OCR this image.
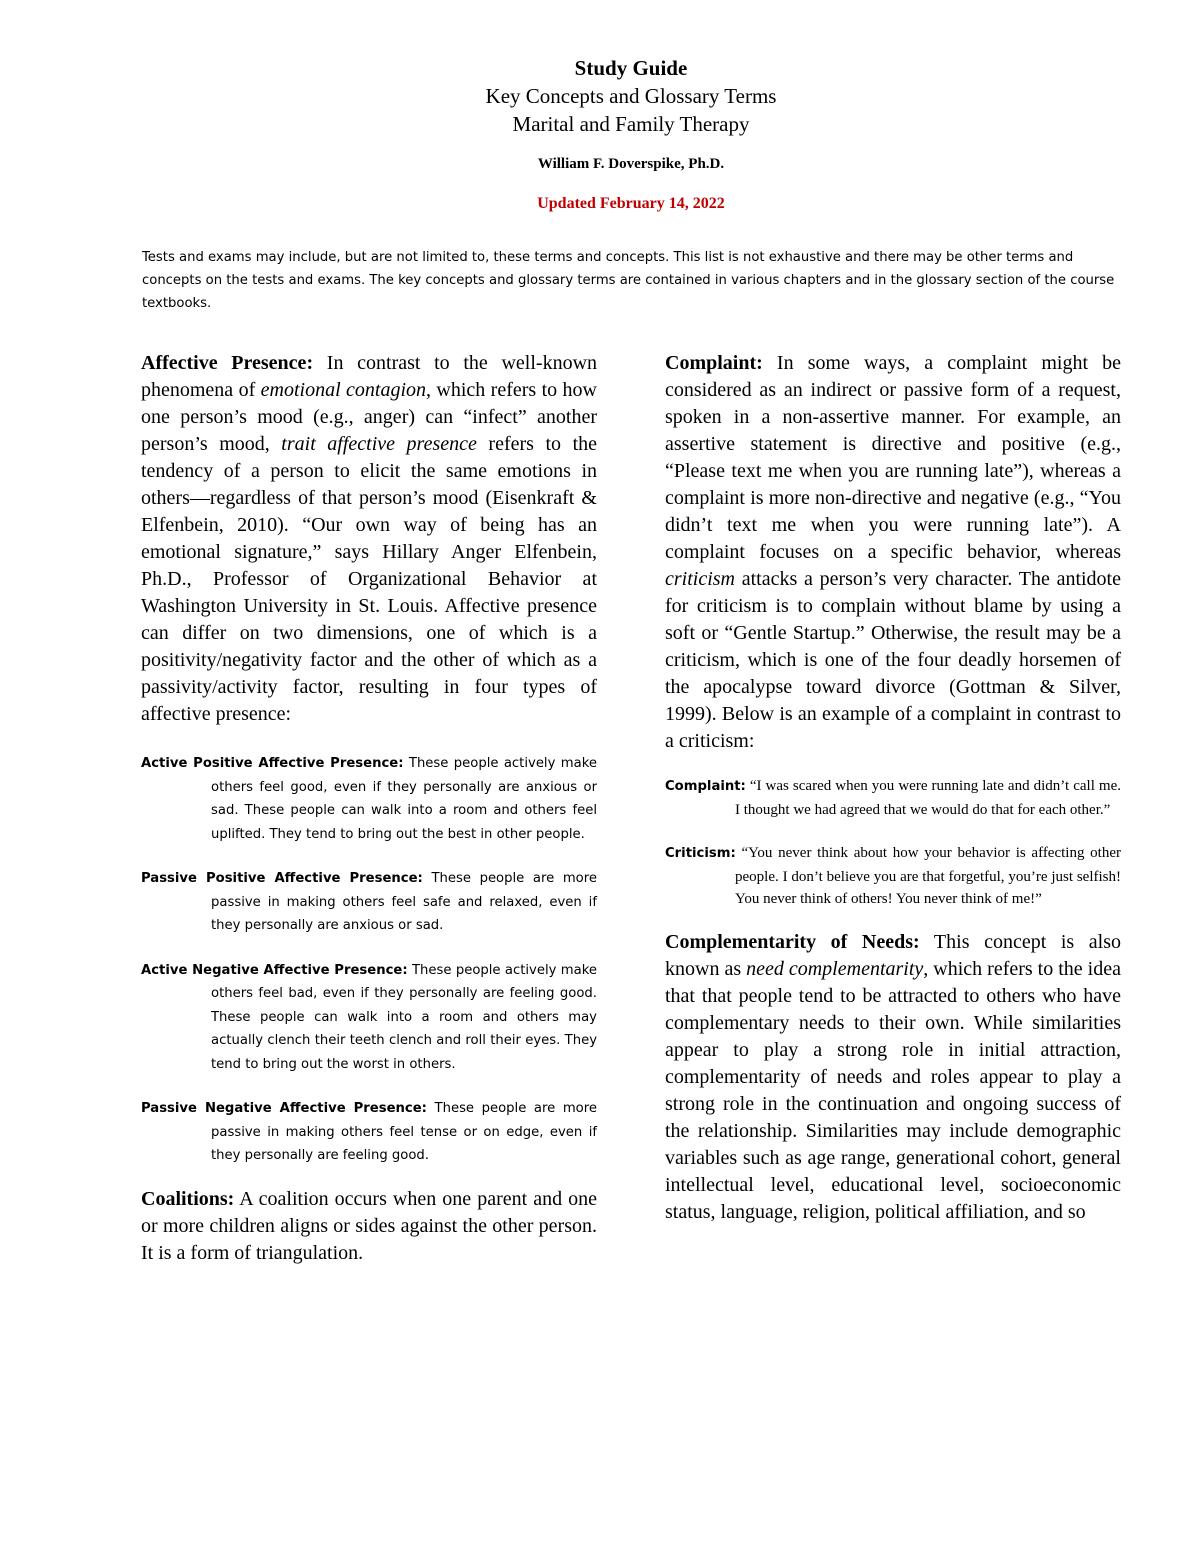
Study Guide
Key Concepts and Glossary Terms
Marital and Family Therapy
William F. Doverspike, Ph.D.
Updated February 14, 2022
Tests and exams may include, but are not limited to, these terms and concepts. This list is not exhaustive and there may be other terms and concepts on the tests and exams. The key concepts and glossary terms are contained in various chapters and in the glossary section of the course textbooks.

Affective Presence: In contrast to the well-known phenomena of emotional contagion, which refers to how one person’s mood (e.g., anger) can “infect” another person’s mood, trait affective presence refers to the tendency of a person to elicit the same emotions in others—regardless of that person’s mood (Eisenkraft & Elfenbein, 2010). “Our own way of being has an emotional signature,” says Hillary Anger Elfenbein, Ph.D., Professor of Organizational Behavior at Washington University in St. Louis. Affective presence can differ on two dimensions, one of which is a positivity/negativity factor and the other of which as a passivity/activity factor, resulting in four types of affective presence:

Active Positive Affective Presence: These people actively make others feel good, even if they personally are anxious or sad. These people can walk into a room and others feel uplifted. They tend to bring out the best in other people.

Passive Positive Affective Presence: These people are more passive in making others feel safe and relaxed, even if they personally are anxious or sad.

Active Negative Affective Presence: These people actively make others feel bad, even if they personally are feeling good. These people can walk into a room and others may actually clench their teeth clench and roll their eyes. They tend to bring out the worst in others.

Passive Negative Affective Presence: These people are more passive in making others feel tense or on edge, even if they personally are feeling good.

Coalitions: A coalition occurs when one parent and one or more children aligns or sides against the other person. It is a form of triangulation.

Complaint: In some ways, a complaint might be considered as an indirect or passive form of a request, spoken in a non-assertive manner. For example, an assertive statement is directive and positive (e.g., “Please text me when you are running late”), whereas a complaint is more non-directive and negative (e.g., “You didn’t text me when you were running late”). A complaint focuses on a specific behavior, whereas criticism attacks a person’s very character. The antidote for criticism is to complain without blame by using a soft or “Gentle Startup.” Otherwise, the result may be a criticism, which is one of the four deadly horsemen of the apocalypse toward divorce (Gottman & Silver, 1999). Below is an example of a complaint in contrast to a criticism:

Complaint: “I was scared when you were running late and didn’t call me. I thought we had agreed that we would do that for each other.”

Criticism: “You never think about how your behavior is affecting other people. I don’t believe you are that forgetful, you’re just selfish! You never think of others! You never think of me!”

Complementarity of Needs: This concept is also known as need complementarity, which refers to the idea that that people tend to be attracted to others who have complementary needs to their own. While similarities appear to play a strong role in initial attraction, complementarity of needs and roles appear to play a strong role in the continuation and ongoing success of the relationship. Similarities may include demographic variables such as age range, generational cohort, general intellectual level, educational level, socioeconomic status, language, religion, political affiliation, and so
